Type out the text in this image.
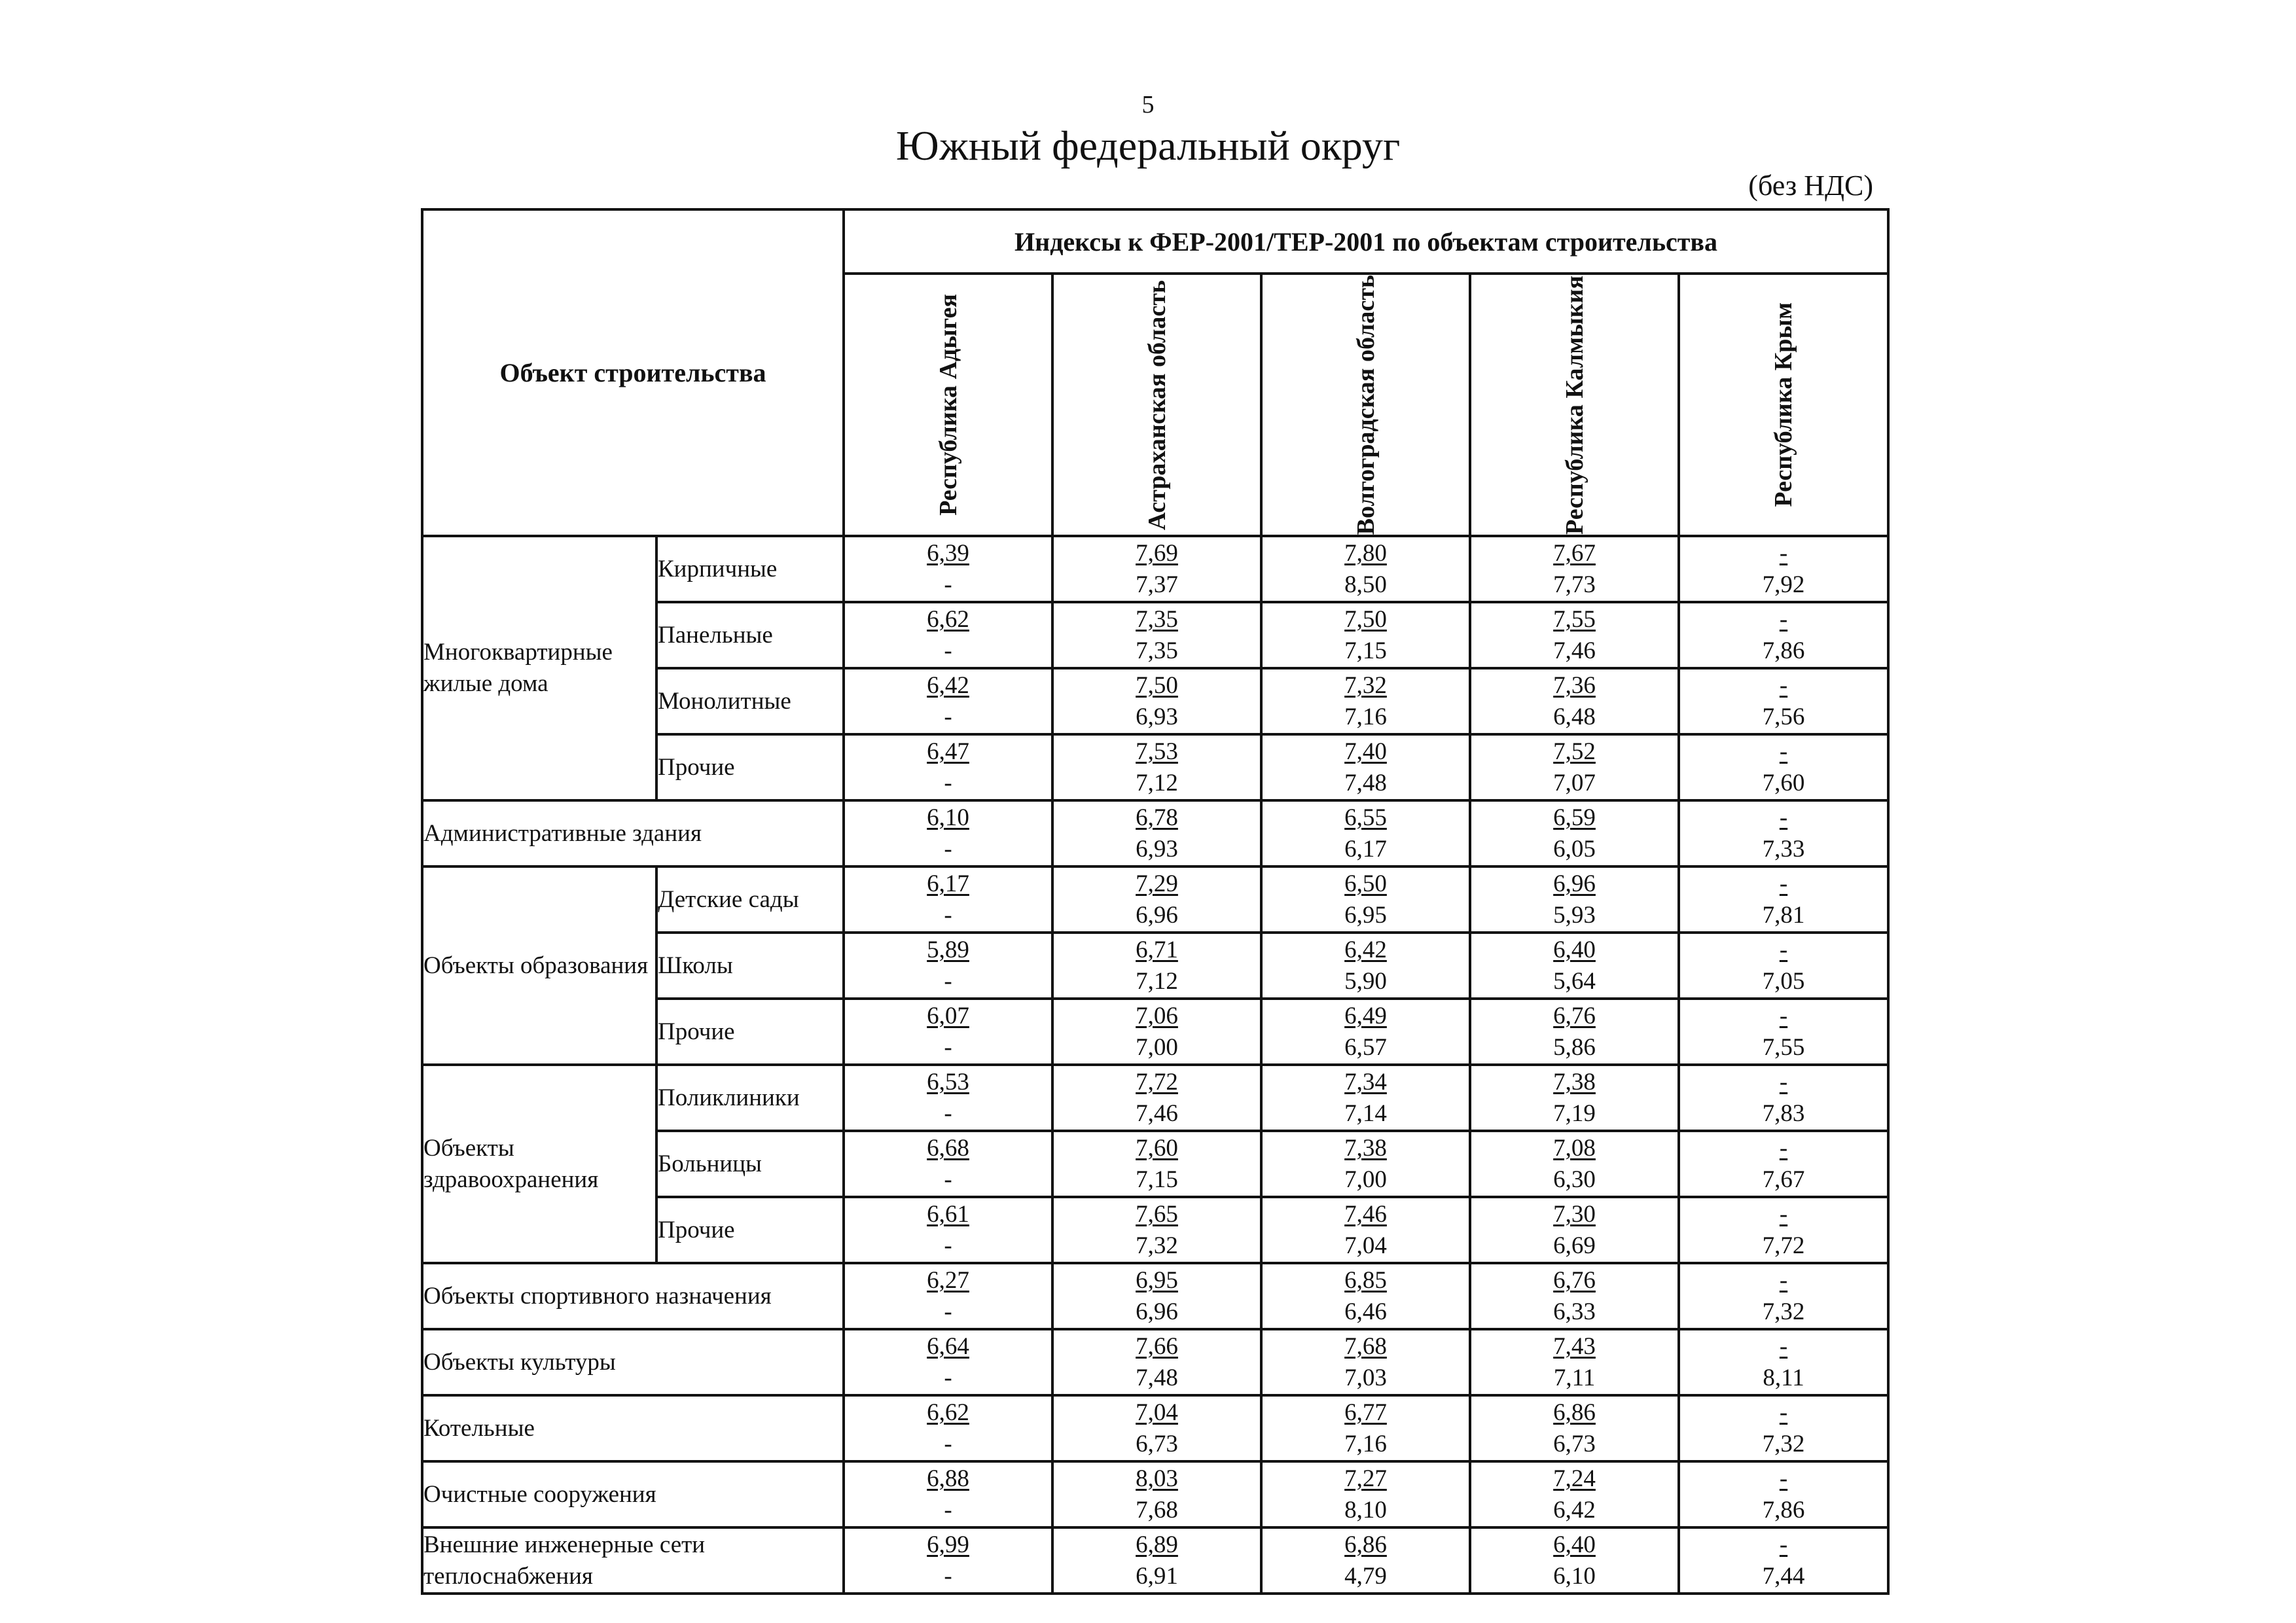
5
Южный федеральный округ
(без НДС)
Объект строительства		Индексы к ФЕР-2001/ТЕР-2001 по объектам строительства				

		Республика Адыгея	Астраханская область	Волгоградская область	Республика Калмыкия	Республика Крым

Многоквартирные жилые дома	Кирпичные	$\frac{6,39}{-}$	$\frac{7,69}{7,37}$	$\frac{7,80}{8,50}$	$\frac{7,67}{7,73}$	$\frac{-}{7,92}$

	Панельные	$\frac{6,62}{-}$	$\frac{7,35}{7,35}$	$\frac{7,50}{7,15}$	$\frac{7,55}{7,46}$	$\frac{-}{7,86}$

	Монолитные	$\frac{6,42}{-}$	$\frac{7,50}{6,93}$	$\frac{7,32}{7,16}$	$\frac{7,36}{6,48}$	$\frac{-}{7,56}$

	Прочие	$\frac{6,47}{-}$	$\frac{7,53}{7,12}$	$\frac{7,40}{7,48}$	$\frac{7,52}{7,07}$	$\frac{-}{7,60}$

Административные здания		$\frac{6,10}{-}$	$\frac{6,78}{6,93}$	$\frac{6,55}{6,17}$	$\frac{6,59}{6,05}$	$\frac{-}{7,33}$

Объекты образования	Детские сады	$\frac{6,17}{-}$	$\frac{7,29}{6,96}$	$\frac{6,50}{6,95}$	$\frac{6,96}{5,93}$	$\frac{-}{7,81}$

	Школы	$\frac{5,89}{-}$	$\frac{6,71}{7,12}$	$\frac{6,42}{5,90}$	$\frac{6,40}{5,64}$	$\frac{-}{7,05}$

	Прочие	$\frac{6,07}{-}$	$\frac{7,06}{7,00}$	$\frac{6,49}{6,57}$	$\frac{6,76}{5,86}$	$\frac{-}{7,55}$

Объекты здравоохранения	Поликлиники	$\frac{6,53}{-}$	$\frac{7,72}{7,46}$	$\frac{7,34}{7,14}$	$\frac{7,38}{7,19}$	$\frac{-}{7,83}$

	Больницы	$\frac{6,68}{-}$	$\frac{7,60}{7,15}$	$\frac{7,38}{7,00}$	$\frac{7,08}{6,30}$	$\frac{-}{7,67}$

	Прочие	$\frac{6,61}{-}$	$\frac{7,65}{7,32}$	$\frac{7,46}{7,04}$	$\frac{7,30}{6,69}$	$\frac{-}{7,72}$

Объекты спортивного назначения		$\frac{6,27}{-}$	$\frac{6,95}{6,96}$	$\frac{6,85}{6,46}$	$\frac{6,76}{6,33}$	$\frac{-}{7,32}$

Объекты культуры		$\frac{6,64}{-}$	$\frac{7,66}{7,48}$	$\frac{7,68}{7,03}$	$\frac{7,43}{7,11}$	$\frac{-}{8,11}$

Котельные		$\frac{6,62}{-}$	$\frac{7,04}{6,73}$	$\frac{6,77}{7,16}$	$\frac{6,86}{6,73}$	$\frac{-}{7,32}$

Очистные сооружения		$\frac{6,88}{-}$	$\frac{8,03}{7,68}$	$\frac{7,27}{8,10}$	$\frac{7,24}{6,42}$	$\frac{-}{7,86}$

Внешние инженерные сети теплоснабжения		$\frac{6,99}{-}$	$\frac{6,89}{6,91}$	$\frac{6,86}{4,79}$	$\frac{6,40}{6,10}$	$\frac{-}{7,44}$
